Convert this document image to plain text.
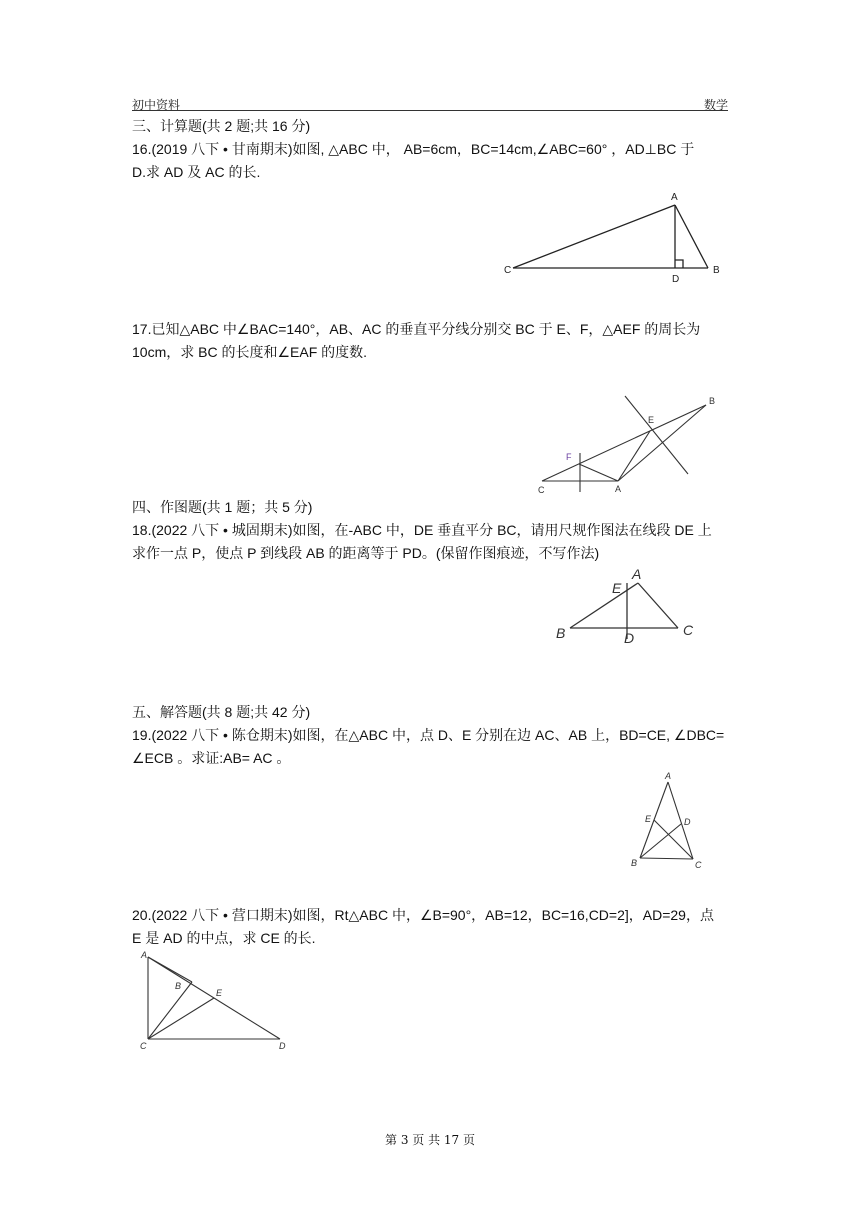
初中资料	数学
三、计算题(共 2 题;共 16 分)
16.(2019 八下 • 甘南期末)如图, △ABC 中， AB=6cm，BC=14cm,∠ABC=60° ，AD⊥BC 于
D.求 AD 及 AC 的长.
A
B
C
D
17.已知△ABC 中∠BAC=140°，AB、AC 的垂直平分线分别交 BC 于 E、F，△AEF 的周长为
10cm，求 BC 的长度和∠EAF 的度数.
B
E
F
C	A
四、作图题(共 1 题；共 5 分)
18.(2022 八下 • 城固期末)如图，在-ABC 中，DE 垂直平分 BC，请用尺规作图法在线段 DE 上
求作一点 P，使点 P 到线段 AB 的距离等于 PD。(保留作图痕迹，不写作法)
A
E
B	C
D
五、解答题(共 8 题;共 42 分)
19.(2022 八下 • 陈仓期末)如图，在△ABC 中，点 D、E 分别在边 AC、AB 上，BD=CE, ∠DBC=
∠ECB 。求证:AB= AC 。
A
E	D
B	C
20.(2022 八下 • 营口期末)如图，Rt△ABC 中，∠B=90°，AB=12，BC=16,CD=2]，AD=29，点
E 是 AD 的中点，求 CE 的长.
A
B
E
C	D
第 3 页 共 17 页
